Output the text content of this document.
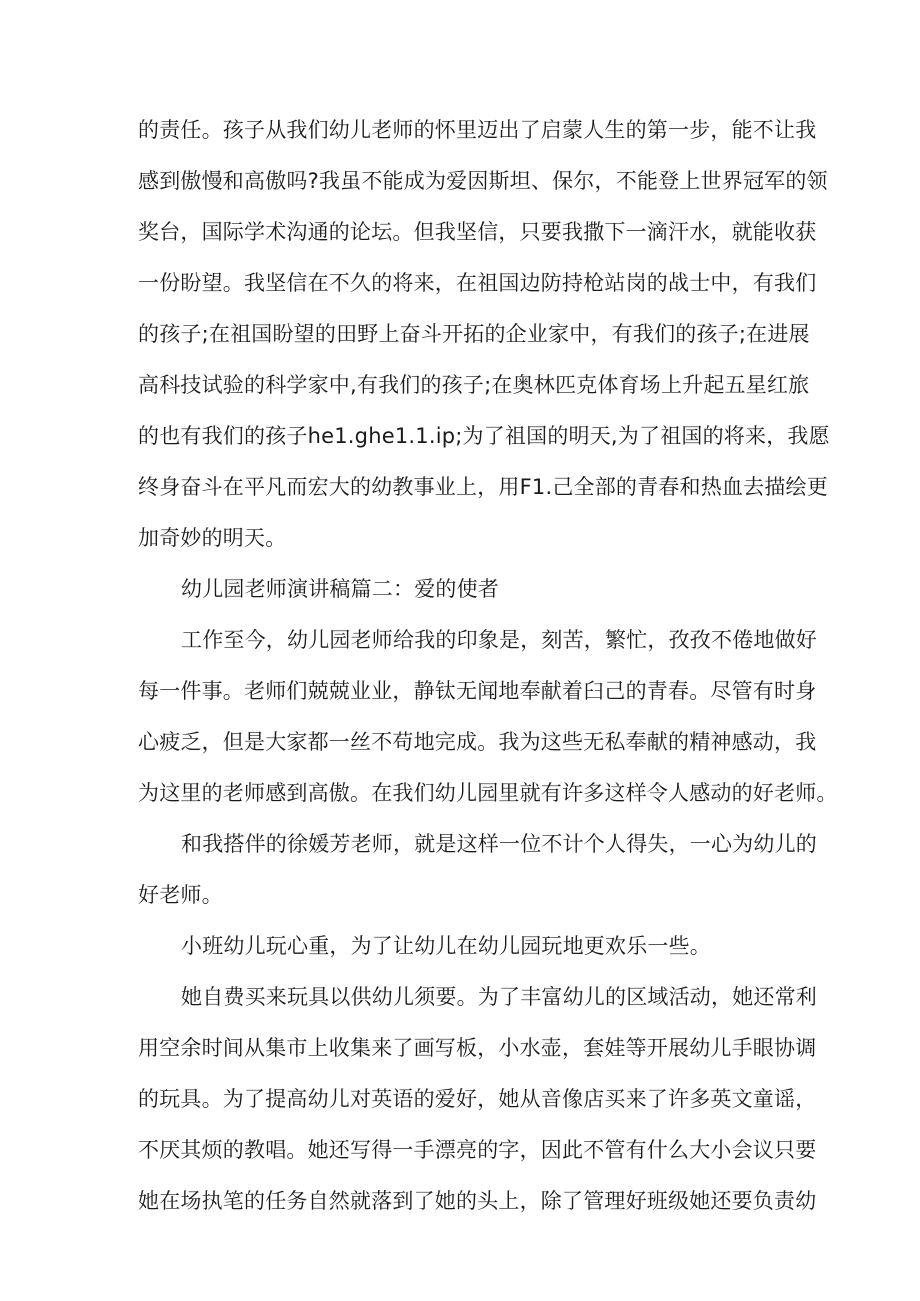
的责任。孩子从我们幼儿老师的怀里迈出了启蒙人生的第一步，能不让我
感到傲慢和高傲吗?我虽不能成为爱因斯坦、保尔，不能登上世界冠军的领
奖台，国际学术沟通的论坛。但我坚信，只要我撒下一滴汗水，就能收获
一份盼望。我坚信在不久的将来，在祖国边防持枪站岗的战士中，有我们
的孩子;在祖国盼望的田野上奋斗开拓的企业家中，有我们的孩子;在进展
高科技试验的科学家中,有我们的孩子;在奥林匹克体育场上升起五星红旅
的也有我们的孩子he1.ghe1.1.ip;为了祖国的明天,为了祖国的将来，我愿
终身奋斗在平凡而宏大的幼教事业上，用F1.己全部的青春和热血去描绘更
加奇妙的明天。
幼儿园老师演讲稿篇二：爱的使者
工作至今，幼儿园老师给我的印象是，刻苦，繁忙，孜孜不倦地做好
每一件事。老师们兢兢业业，静钛无闻地奉献着臼己的青春。尽管有时身
心疲乏，但是大家都一丝不苟地完成。我为这些无私奉献的精神感动，我
为这里的老师感到高傲。在我们幼儿园里就有许多这样令人感动的好老师。
和我搭伴的徐媛芳老师，就是这样一位不计个人得失，一心为幼儿的
好老师。
小班幼儿玩心重，为了让幼儿在幼儿园玩地更欢乐一些。
她自费买来玩具以供幼儿须要。为了丰富幼儿的区域活动，她还常利
用空余时间从集市上收集来了画写板，小水壶，套娃等开展幼儿手眼协调
的玩具。为了提高幼儿对英语的爱好，她从音像店买来了许多英文童谣，
不厌其烦的教唱。她还写得一手漂亮的字，因此不管有什么大小会议只要
她在场执笔的任务自然就落到了她的头上，除了管理好班级她还要负责幼
